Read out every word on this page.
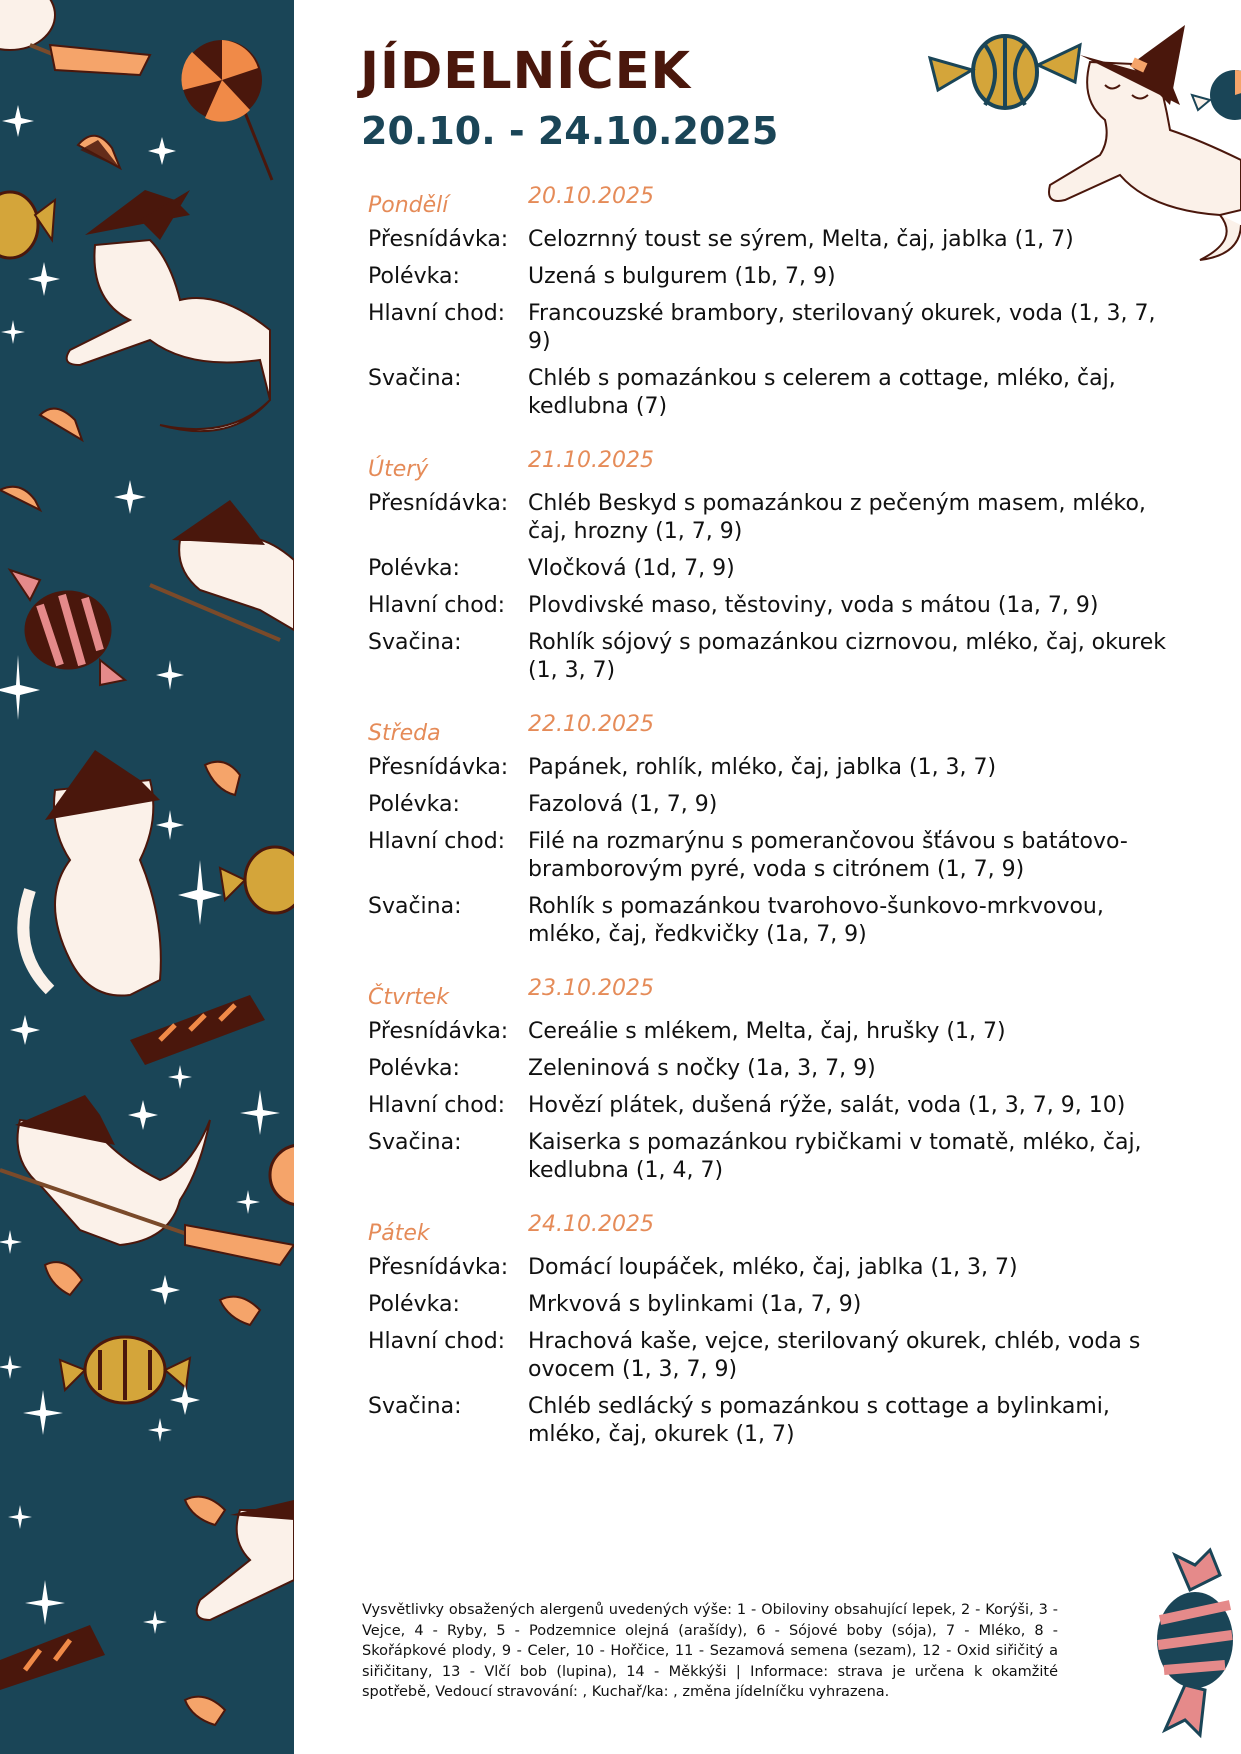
JÍDELNÍČEK
20.10. - 24.10.2025
Pondělí	20.10.2025
Přesnídávka: Celozrnný toust se sýrem, Melta, čaj, jablka (1, 7)
Polévka:	Uzená s bulgurem (1b, 7, 9)
Hlavní chod:	Francouzské brambory, sterilovaný okurek, voda (1, 3, 7, 9)
Svačina:	Chléb s pomazánkou s celerem a cottage, mléko, čaj, kedlubna (7)
Úterý	21.10.2025
Přesnídávka: Chléb Beskyd s pomazánkou z pečeným masem, mléko, čaj, hrozny (1, 7, 9)
Polévka:	Vločková (1d, 7, 9)
Hlavní chod:	Plovdivské maso, těstoviny, voda s mátou (1a, 7, 9)
Svačina:	Rohlík sójový s pomazánkou cizrnovou, mléko, čaj, okurek (1, 3, 7)
Středa	22.10.2025
Přesnídávka: Papánek, rohlík, mléko, čaj, jablka (1, 3, 7)
Polévka:	Fazolová (1, 7, 9)
Hlavní chod:	Filé na rozmarýnu s pomerančovou šťávou s batátovo-bramborovým pyré, voda s citrónem (1, 7, 9)
Svačina:	Rohlík s pomazánkou tvarohovo-šunkovo-mrkvovou, mléko, čaj, ředkvičky (1a, 7, 9)
Čtvrtek	23.10.2025
Přesnídávka: Cereálie s mlékem, Melta, čaj, hrušky (1, 7)
Polévka:	Zeleninová s nočky (1a, 3, 7, 9)
Hlavní chod:	Hovězí plátek, dušená rýže, salát, voda (1, 3, 7, 9, 10)
Svačina:	Kaiserka s pomazánkou rybičkami v tomatě, mléko, čaj, kedlubna (1, 4, 7)
Pátek	24.10.2025
Přesnídávka: Domácí loupáček, mléko, čaj, jablka (1, 3, 7)
Polévka:	Mrkvová s bylinkami (1a, 7, 9)
Hlavní chod:	Hrachová kaše, vejce, sterilovaný okurek, chléb, voda s ovocem (1, 3, 7, 9)
Svačina:	Chléb sedlácký s pomazánkou s cottage a bylinkami, mléko, čaj, okurek (1, 7)
Vysvětlivky obsažených alergenů uvedených výše: 1 - Obiloviny obsahující lepek, 2 - Korýši, 3 - Vejce, 4 - Ryby, 5 - Podzemnice olejná (arašídy), 6 - Sójové boby (sója), 7 - Mléko, 8 - Skořápkové plody, 9 - Celer, 10 - Hořčice, 11 - Sezamová semena (sezam), 12 - Oxid siřičitý a siřičitany, 13 - Vlčí bob (lupina), 14 - Měkkýši | Informace: strava je určena k okamžité spotřebě, Vedoucí stravování: , Kuchař/ka: , změna jídelníčku vyhrazena.
